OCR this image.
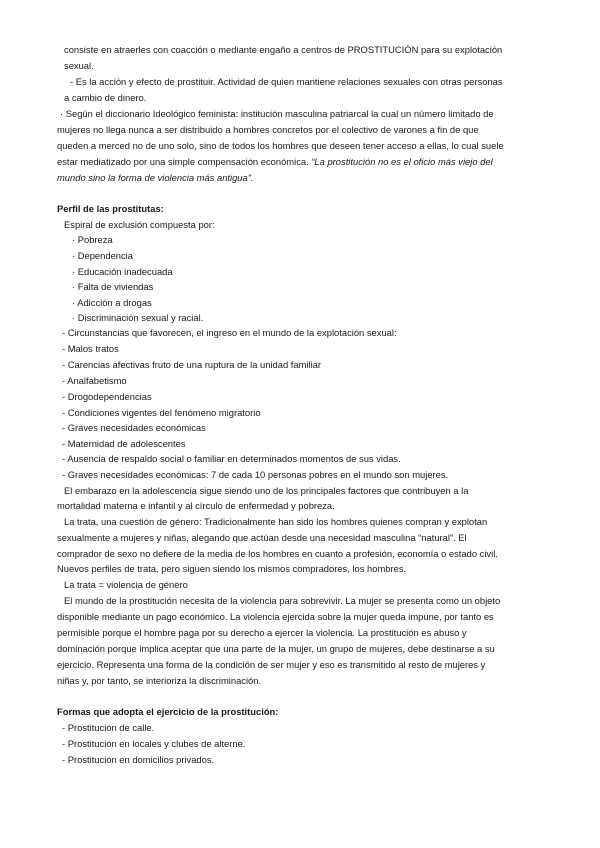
consiste en atraerles con coacción o mediante engaño a centros de PROSTITUCIÓN para su explotación
sexual.
- Es la acción y efecto de prostituir. Actividad de quien mantiene relaciones sexuales con otras personas
a cambio de dinero.
· Según el diccionario Ideológico feminista: institución masculina patriarcal la cual un número limitado de
mujeres no llega nunca a ser distribuido a hombres concretos por el colectivo de varones a fin de que
queden a merced no de uno solo, sino de todos los hombres que deseen tener acceso a ellas, lo cual suele
estar mediatizado por una simple compensación económica. “La prostitución no es el oficio más viejo del
mundo sino la forma de violencia más antigua”.
Perfil de las prostitutas:
Espiral de exclusión compuesta por:
· Pobreza
· Dependencia
· Educación inadecuada
· Falta de viviendas
· Adicción a drogas
· Discriminación sexual y racial.
- Circunstancias que favorecen, el ingreso en el mundo de la explotación sexual:
- Malos tratos
- Carencias afectivas fruto de una ruptura de la unidad familiar
- Analfabetismo
- Drogodependencias
- Condiciones vigentes del fenómeno migratorio
- Graves necesidades económicas
- Maternidad de adolescentes
- Ausencia de respaldo social o familiar en determinados momentos de sus vidas.
- Graves necesidades económicas: 7 de cada 10 personas pobres en el mundo son mujeres.
El embarazo en la adolescencia sigue siendo uno de los principales factores que contribuyen a la
mortalidad materna e infantil y al círculo de enfermedad y pobreza.
La trata, una cuestión de género: Tradicionalmente han sido los hombres quienes compran y explotan
sexualmente a mujeres y niñas, alegando que actúan desde una necesidad masculina “natural”. El
comprador de sexo no defiere de la media de los hombres en cuanto a profesión, economía o estado civil.
Nuevos perfiles de trata, pero siguen siendo los mismos compradores, los hombres.
La trata = violencia de género
El mundo de la prostitución necesita de la violencia para sobrevivir. La mujer se presenta como un objeto
disponible mediante un pago económico. La violencia ejercida sobre la mujer queda impune, por tanto es
permisible porque el hombre paga por su derecho a ejercer la violencia. La prostitución es abuso y
dominación porque implica aceptar que una parte de la mujer, un grupo de mujeres, debe destinarse a su
ejercicio. Representa una forma de la condición de ser mujer y eso es transmitido al resto de mujeres y
niñas y, por tanto, se interioriza la discriminación.
Formas que adopta el ejercicio de la prostitución:
- Prostitución de calle.
- Prostitución en locales y clubes de alterne.
- Prostitución en domicilios privados.
